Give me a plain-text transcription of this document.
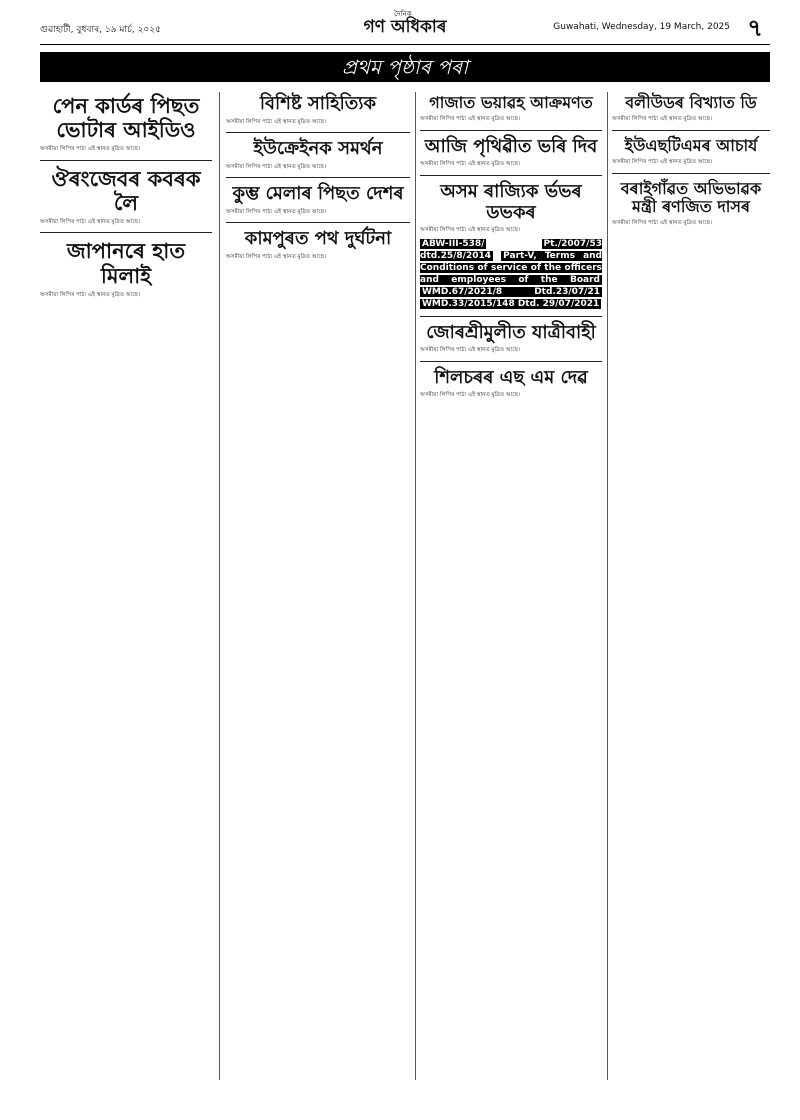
গুৱাহাটী, বুধবাৰ, ১৯ মাৰ্চ, ২০২৫
দৈনিক
গণ অধিকাৰ	Guwahati, Wednesday, 19 March, 2025 ৭
প্ৰথম পৃষ্ঠাৰ পৰা
পেন কাৰ্ডৰ পিছত ভোটাৰ আইডিও
অসমীয়া লিপিৰ পাঠ্য এই স্থানত মুদ্ৰিত আছে।
ঔৰংজেবৰ কবৰক লৈ
অসমীয়া লিপিৰ পাঠ্য এই স্থানত মুদ্ৰিত আছে।
জাপানৰে হাত মিলাই
অসমীয়া লিপিৰ পাঠ্য এই স্থানত মুদ্ৰিত আছে।
বিশিষ্ট সাহিত্যিক
অসমীয়া লিপিৰ পাঠ্য এই স্থানত মুদ্ৰিত আছে।
ইউক্ৰেইনক সমৰ্থন
অসমীয়া লিপিৰ পাঠ্য এই স্থানত মুদ্ৰিত আছে।
কুম্ভ মেলাৰ পিছত দেশৰ
অসমীয়া লিপিৰ পাঠ্য এই স্থানত মুদ্ৰিত আছে।
কামপুৰত পথ দুৰ্ঘটনা
অসমীয়া লিপিৰ পাঠ্য এই স্থানত মুদ্ৰিত আছে।
গাজাত ভয়াৱহ আক্ৰমণত
অসমীয়া লিপিৰ পাঠ্য এই স্থানত মুদ্ৰিত আছে।
আজি পৃথিৱীত ভৰি দিব
অসমীয়া লিপিৰ পাঠ্য এই স্থানত মুদ্ৰিত আছে।
অসম ৰাজ্যিক ৰ্ভভৰ ডভকৰ
অসমীয়া লিপিৰ পাঠ্য এই স্থানত মুদ্ৰিত আছে।
ABW-III-538/	Pt./2007/53 dtd.25/8/2014 Part-V, Terms and Conditions of service of the officers and employees of the Board WMD.67/2021/8 Dtd.23/07/21 WMD.33/2015/148 Dtd. 29/07/2021
জোৰশ্ৰীমুলীত যাত্ৰীবাহী
অসমীয়া লিপিৰ পাঠ্য এই স্থানত মুদ্ৰিত আছে।
শিলচৰৰ এছ এম দেৱ
অসমীয়া লিপিৰ পাঠ্য এই স্থানত মুদ্ৰিত আছে।
বলীউডৰ বিখ্যাত ডি
অসমীয়া লিপিৰ পাঠ্য এই স্থানত মুদ্ৰিত আছে।
ইউএছটিএমৰ আচাৰ্য
অসমীয়া লিপিৰ পাঠ্য এই স্থানত মুদ্ৰিত আছে।
বৰাইগাঁৱত অভিভাৱক মন্ত্ৰী ৰণজিত দাসৰ
অসমীয়া লিপিৰ পাঠ্য এই স্থানত মুদ্ৰিত আছে।
